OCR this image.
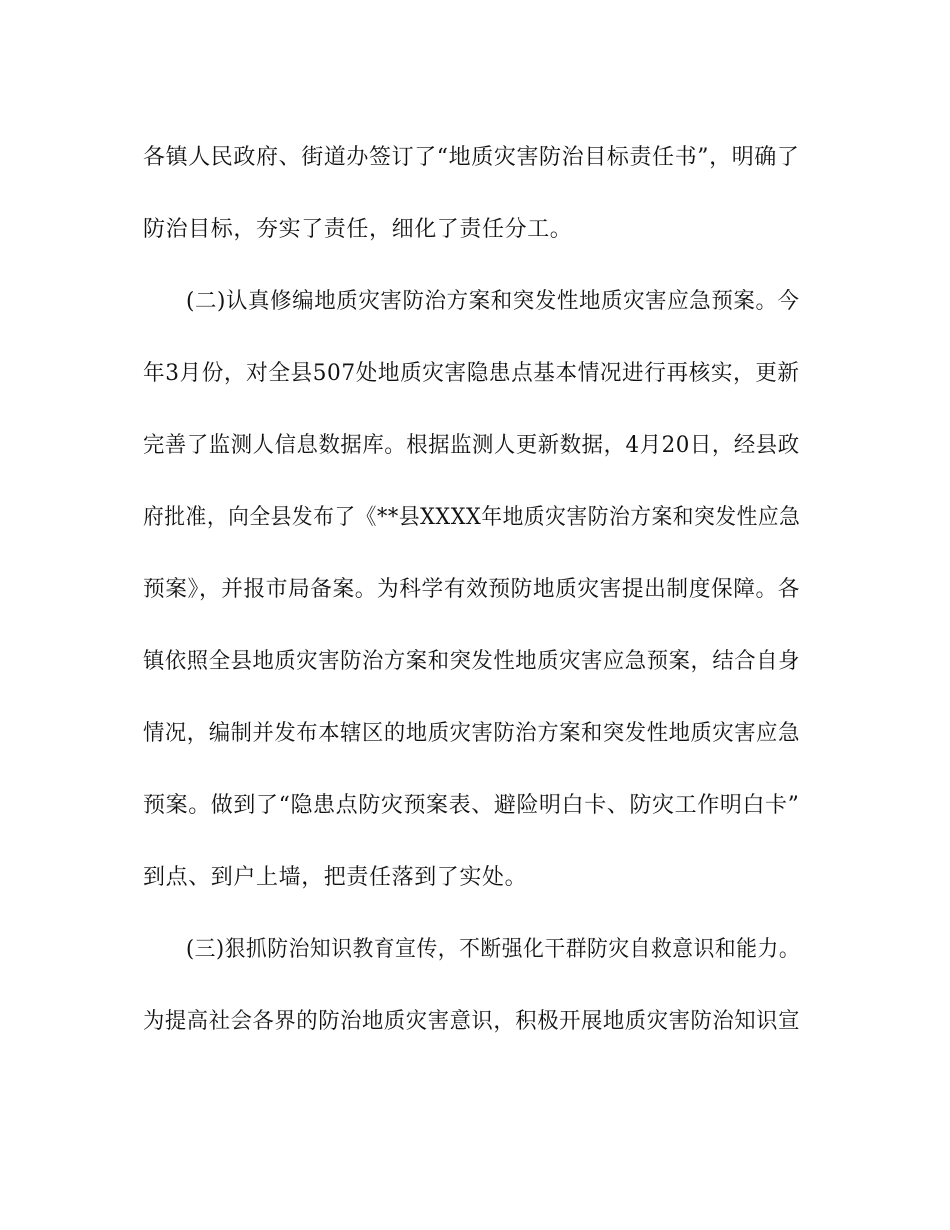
各镇人民政府、街道办签订了“地质灾害防治目标责任书”，明确了
防治目标，夯实了责任，细化了责任分工。
(二)认真修编地质灾害防治方案和突发性地质灾害应急预案。今
年3月份，对全县507处地质灾害隐患点基本情况进行再核实，更新
完善了监测人信息数据库。根据监测人更新数据，4月20日，经县政
府批准，向全县发布了《**县XXXX年地质灾害防治方案和突发性应急
预案》，并报市局备案。为科学有效预防地质灾害提出制度保障。各
镇依照全县地质灾害防治方案和突发性地质灾害应急预案，结合自身
情况，编制并发布本辖区的地质灾害防治方案和突发性地质灾害应急
预案。做到了“隐患点防灾预案表、避险明白卡、防灾工作明白卡”
到点、到户上墙，把责任落到了实处。
(三)狠抓防治知识教育宣传，不断强化干群防灾自救意识和能力。
为提高社会各界的防治地质灾害意识，积极开展地质灾害防治知识宣
